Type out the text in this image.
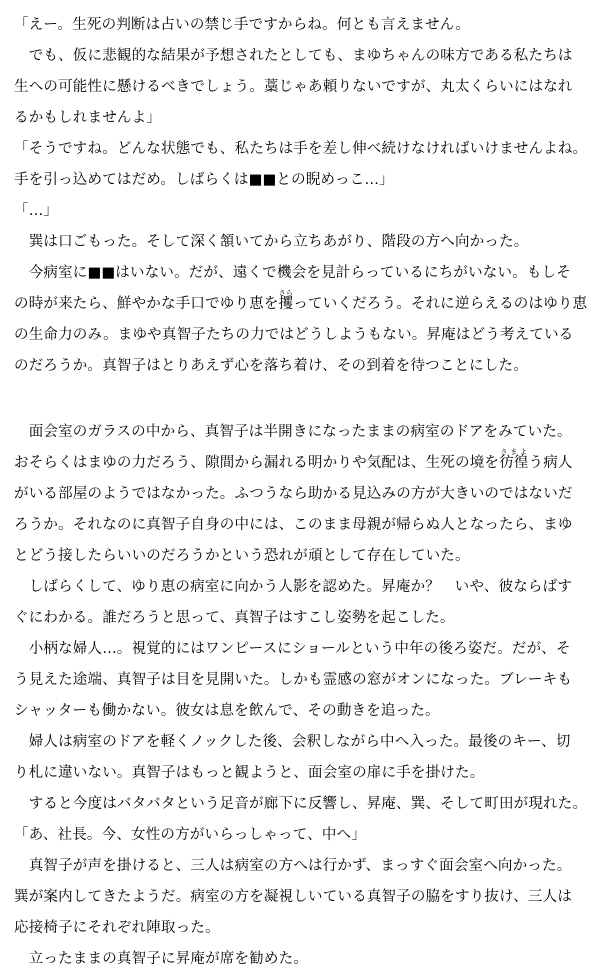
「えー。生死の判断は占いの禁じ手ですからね。何とも言えません。
　でも、仮に悲観的な結果が予想されたとしても、まゆちゃんの味方である私たちは
生への可能性に懸けるべきでしょう。藁じゃあ頼りないですが、丸太くらいにはなれ
るかもしれませんよ」
「そうですね。どんな状態でも、私たちは手を差し伸べ続けなければいけませんよね。
手を引っ込めてはだめ。しばらくは■■との睨めっこ…」
「…」
　巽は口ごもった。そして深く頷いてから立ちあがり、階段の方へ向かった。
　今病室に■■はいない。だが、遠くで機会を見計らっているにちがいない。もしそ
の時が来たら、鮮やかな手口でゆり恵を攫さらっていくだろう。それに逆らえるのはゆり恵
の生命力のみ。まゆや真智子たちの力ではどうしようもない。昇庵はどう考えている
のだろうか。真智子はとりあえず心を落ち着け、その到着を待つことにした。
　面会室のガラスの中から、真智子は半開きになったままの病室のドアをみていた。
おそらくはまゆの力だろう、隙間から漏れる明かりや気配は、生死の境を彷徨さまよう病人
がいる部屋のようではなかった。ふつうなら助かる見込みの方が大きいのではないだ
ろうか。それなのに真智子自身の中には、このまま母親が帰らぬ人となったら、まゆ
とどう接したらいいのだろうかという恐れが頑として存在していた。
　しばらくして、ゆり恵の病室に向かう人影を認めた。昇庵か？　いや、彼ならばす
ぐにわかる。誰だろうと思って、真智子はすこし姿勢を起こした。
　小柄な婦人…。視覚的にはワンピースにショールという中年の後ろ姿だ。だが、そ
う見えた途端、真智子は目を見開いた。しかも霊感の窓がオンになった。ブレーキも
シャッターも働かない。彼女は息を飲んで、その動きを追った。
　婦人は病室のドアを軽くノックした後、会釈しながら中へ入った。最後のキー、切
り札に違いない。真智子はもっと観ようと、面会室の扉に手を掛けた。
　すると今度はバタバタという足音が廊下に反響し、昇庵、巽、そして町田が現れた。
「あ、社長。今、女性の方がいらっしゃって、中へ」
　真智子が声を掛けると、三人は病室の方へは行かず、まっすぐ面会室へ向かった。
巽が案内してきたようだ。病室の方を凝視しいている真智子の脇をすり抜け、三人は
応接椅子にそれぞれ陣取った。
　立ったままの真智子に昇庵が席を勧めた。
